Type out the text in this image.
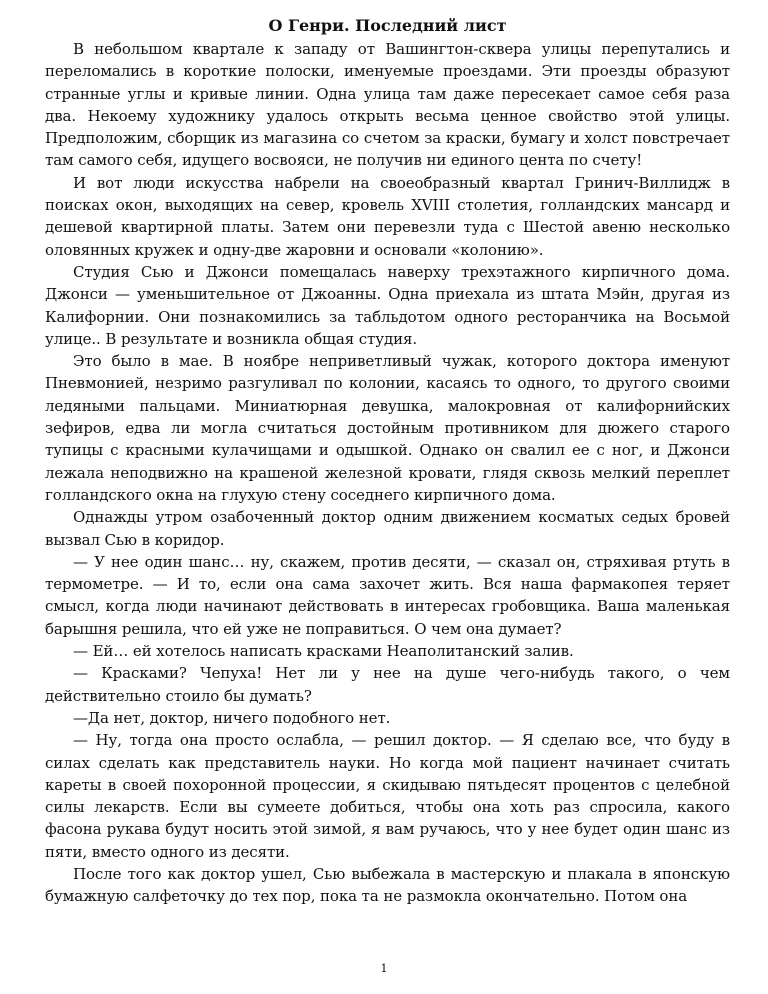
О Генри. Последний лист

В небольшом квартале к западу от Вашингтон-сквера улицы перепутались и переломались в короткие полоски, именуемые проездами. Эти проезды образуют странные углы и кривые линии. Одна улица там даже пересекает самое себя раза два. Некоему художнику удалось открыть весьма ценное свойство этой улицы. Предположим, сборщик из магазина со счетом за краски, бумагу и холст повстречает там самого себя, идущего восвояси, не получив ни единого цента по счету!

И вот люди искусства набрели на своеобразный квартал Гринич-Виллидж в поисках окон, выходящих на север, кровель XVIII столетия, голландских мансард и дешевой квартирной платы. Затем они перевезли туда с Шестой авеню несколько оловянных кружек и одну-две жаровни и основали «колонию».

Студия Сью и Джонси помещалась наверху трехэтажного кирпичного дома. Джонси — уменьшительное от Джоанны. Одна приехала из штата Мэйн, другая из Калифорнии. Они познакомились за табльдотом одного ресторанчика на Восьмой улице.. В результате и возникла общая студия.

Это было в мае. В ноябре неприветливый чужак, которого доктора именуют Пневмонией, незримо разгуливал по колонии, касаясь то одного, то другого своими ледяными пальцами. Миниатюрная девушка, малокровная от калифорнийских зефиров, едва ли могла считаться достойным противником для дюжего старого тупицы с красными кулачищами и одышкой. Однако он свалил ее с ног, и Джонси лежала неподвижно на крашеной железной кровати, глядя сквозь мелкий переплет голландского окна на глухую стену соседнего кирпичного дома.

Однажды утром озабоченный доктор одним движением косматых седых бровей вызвал Сью в коридор.

— У нее один шанс… ну, скажем, против десяти, — сказал он, стряхивая ртуть в термометре. — И то, если она сама захочет жить. Вся наша фармакопея теряет смысл, когда люди начинают действовать в интересах гробовщика. Ваша маленькая барышня решила, что ей уже не поправиться. О чем она думает?

— Ей… ей хотелось написать красками Неаполитанский залив.

— Красками? Чепуха! Нет ли у нее на душе чего-нибудь такого, о чем действительно стоило бы думать?

—Да нет, доктор, ничего подобного нет.

— Ну, тогда она просто ослабла, — решил доктор. — Я сделаю все, что буду в силах сделать как представитель науки. Но когда мой пациент начинает считать кареты в своей похоронной процессии, я скидываю пятьдесят процентов с целебной силы лекарств. Если вы сумеете добиться, чтобы она хоть раз спросила, какого фасона рукава будут носить этой зимой, я вам ручаюсь, что у нее будет один шанс из пяти, вместо одного из десяти.

После того как доктор ушел, Сью выбежала в мастерскую и плакала в японскую бумажную салфеточку до тех пор, пока та не размокла окончательно. Потом она

1
